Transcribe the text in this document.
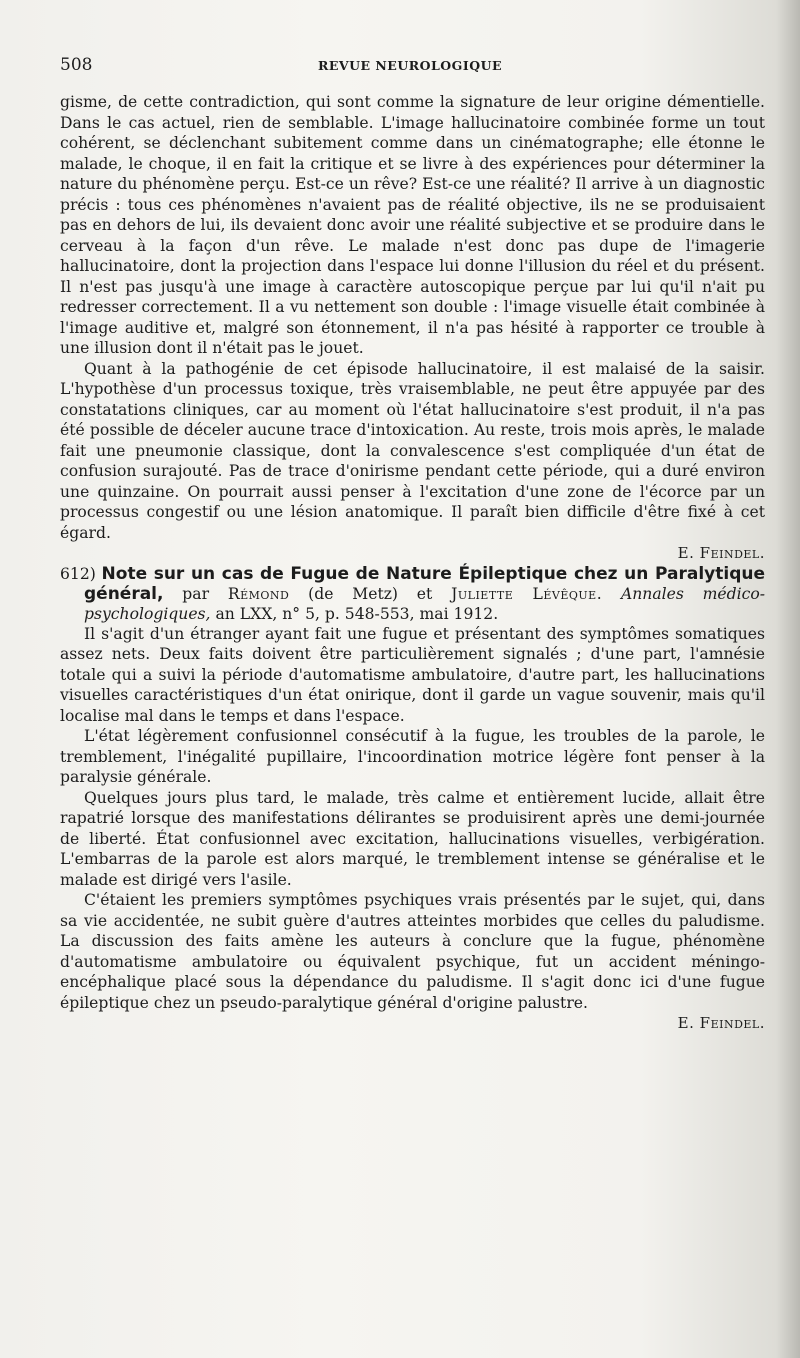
508	REVUE NEUROLOGIQUE

gisme, de cette contradiction, qui sont comme la signature de leur origine démentielle. Dans le cas actuel, rien de semblable. L'image hallucinatoire combinée forme un tout cohérent, se déclenchant subitement comme dans un cinématographe; elle étonne le malade, le choque, il en fait la critique et se livre à des expériences pour déterminer la nature du phénomène perçu. Est-ce un rêve? Est-ce une réalité? Il arrive à un diagnostic précis : tous ces phénomènes n'avaient pas de réalité objective, ils ne se produisaient pas en dehors de lui, ils devaient donc avoir une réalité subjective et se produire dans le cerveau à la façon d'un rêve. Le malade n'est donc pas dupe de l'imagerie hallucinatoire, dont la projection dans l'espace lui donne l'illusion du réel et du présent. Il n'est pas jusqu'à une image à caractère autoscopique perçue par lui qu'il n'ait pu redresser correctement. Il a vu nettement son double : l'image visuelle était combinée à l'image auditive et, malgré son étonnement, il n'a pas hésité à rapporter ce trouble à une illusion dont il n'était pas le jouet.

Quant à la pathogénie de cet épisode hallucinatoire, il est malaisé de la saisir. L'hypothèse d'un processus toxique, très vraisemblable, ne peut être appuyée par des constatations cliniques, car au moment où l'état hallucinatoire s'est produit, il n'a pas été possible de déceler aucune trace d'intoxication. Au reste, trois mois après, le malade fait une pneumonie classique, dont la convalescence s'est compliquée d'un état de confusion surajouté. Pas de trace d'onirisme pendant cette période, qui a duré environ une quinzaine. On pourrait aussi penser à l'excitation d'une zone de l'écorce par un processus congestif ou une lésion anatomique. Il paraît bien difficile d'être fixé à cet égard.

E. Feindel.

612) Note sur un cas de Fugue de Nature Épileptique chez un Paralytique général, par Rémond (de Metz) et Juliette Lévêque. Annales médico-psychologiques, an LXX, n° 5, p. 548-553, mai 1912.

Il s'agit d'un étranger ayant fait une fugue et présentant des symptômes somatiques assez nets. Deux faits doivent être particulièrement signalés ; d'une part, l'amnésie totale qui a suivi la période d'automatisme ambulatoire, d'autre part, les hallucinations visuelles caractéristiques d'un état onirique, dont il garde un vague souvenir, mais qu'il localise mal dans le temps et dans l'espace.

L'état légèrement confusionnel consécutif à la fugue, les troubles de la parole, le tremblement, l'inégalité pupillaire, l'incoordination motrice légère font penser à la paralysie générale.

Quelques jours plus tard, le malade, très calme et entièrement lucide, allait être rapatrié lorsque des manifestations délirantes se produisirent après une demi-journée de liberté. État confusionnel avec excitation, hallucinations visuelles, verbigération. L'embarras de la parole est alors marqué, le tremblement intense se généralise et le malade est dirigé vers l'asile.

C'étaient les premiers symptômes psychiques vrais présentés par le sujet, qui, dans sa vie accidentée, ne subit guère d'autres atteintes morbides que celles du paludisme. La discussion des faits amène les auteurs à conclure que la fugue, phénomène d'automatisme ambulatoire ou équivalent psychique, fut un accident méningo-encéphalique placé sous la dépendance du paludisme. Il s'agit donc ici d'une fugue épileptique chez un pseudo-paralytique général d'origine palustre.

E. Feindel.
